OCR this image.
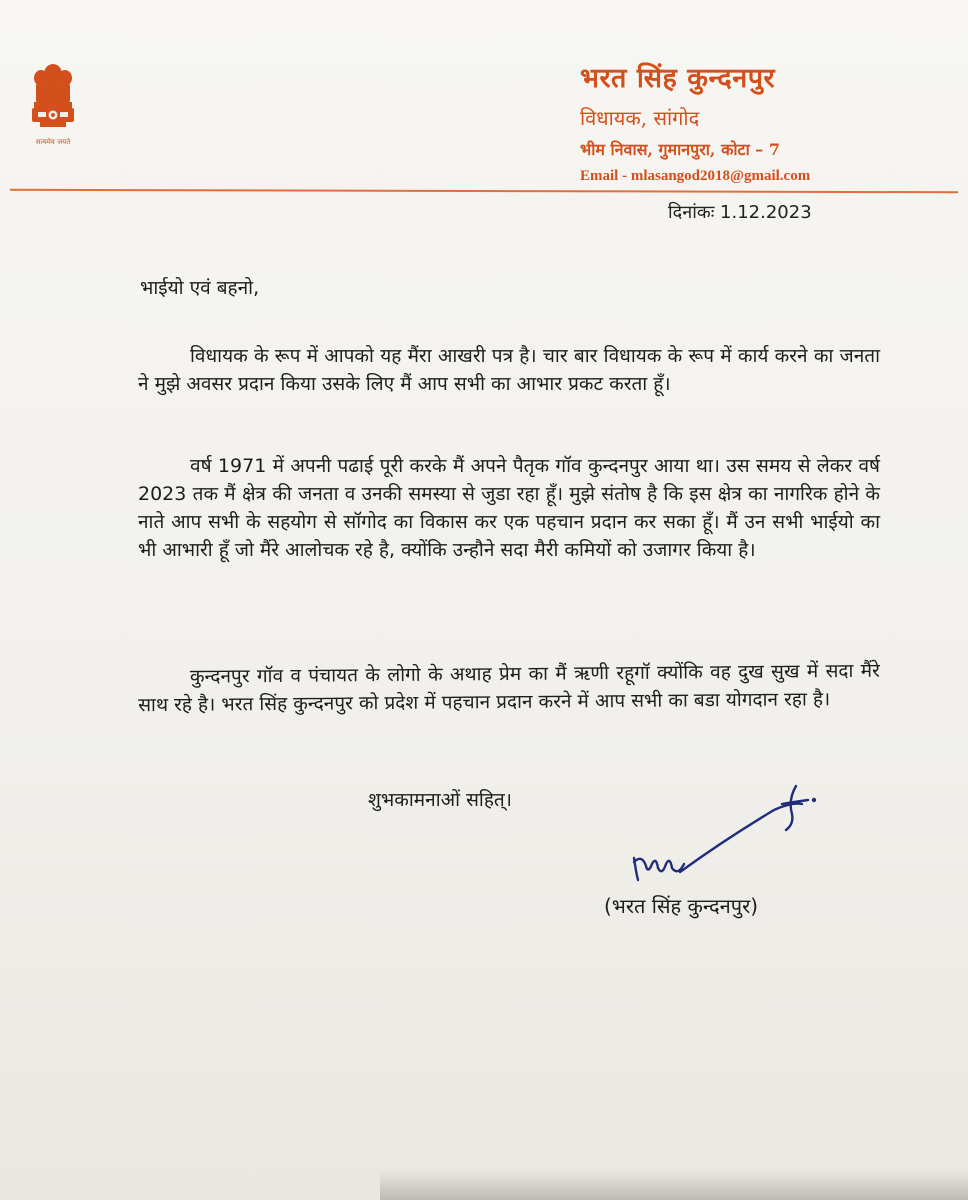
सत्यमेव जयते
भरत सिंह कुन्दनपुर
विधायक, सांगोद
भीम निवास, गुमानपुरा, कोटा – 7
Email - mlasangod2018@gmail.com
दिनांकः 1.12.2023
भाईयो एवं बहनो,
विधायक के रूप में आपको यह मैंरा आखरी पत्र है। चार बार विधायक के रूप में कार्य करने का जनता ने मुझे अवसर प्रदान किया उसके लिए मैं आप सभी का आभार प्रकट करता हूँ।
वर्ष 1971 में अपनी पढाई पूरी करके मैं अपने पैतृक गॉव कुन्दनपुर आया था। उस समय से लेकर वर्ष 2023 तक मैं क्षेत्र की जनता व उनकी समस्या से जुडा रहा हूँ। मुझे संतोष है कि इस क्षेत्र का नागरिक होने के नाते आप सभी के सहयोग से सॉगोद का विकास कर एक पहचान प्रदान कर सका हूँ। मैं उन सभी भाईयो का भी आभारी हूँ जो मैंरे आलोचक रहे है, क्योंकि उन्हौने सदा मैरी कमियों को उजागर किया है।
कुन्दनपुर गॉव व पंचायत के लोगो के अथाह प्रेम का मैं ऋणी रहूगॉ क्योंकि वह दुख सुख में सदा मैंरे साथ रहे है। भरत सिंह कुन्दनपुर को प्रदेश में पहचान प्रदान करने में आप सभी का बडा योगदान रहा है।
शुभकामनाओं सहित्।
(भरत सिंह कुन्दनपुर)
